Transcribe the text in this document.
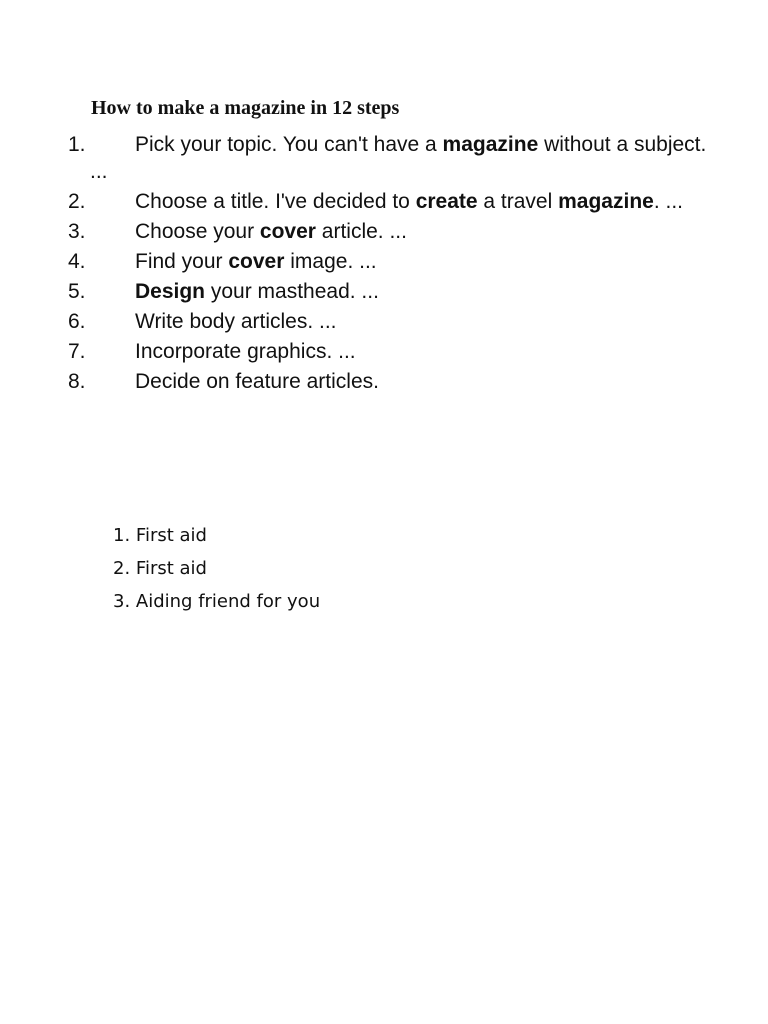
How to make a magazine in 12 steps
1. Pick your topic. You can't have a magazine without a subject. ...
2. Choose a title. I've decided to create a travel magazine. ...
3. Choose your cover article. ...
4. Find your cover image. ...
5. Design your masthead. ...
6. Write body articles. ...
7. Incorporate graphics. ...
8. Decide on feature articles.
1. First aid
2. First aid
3. Aiding friend for you
